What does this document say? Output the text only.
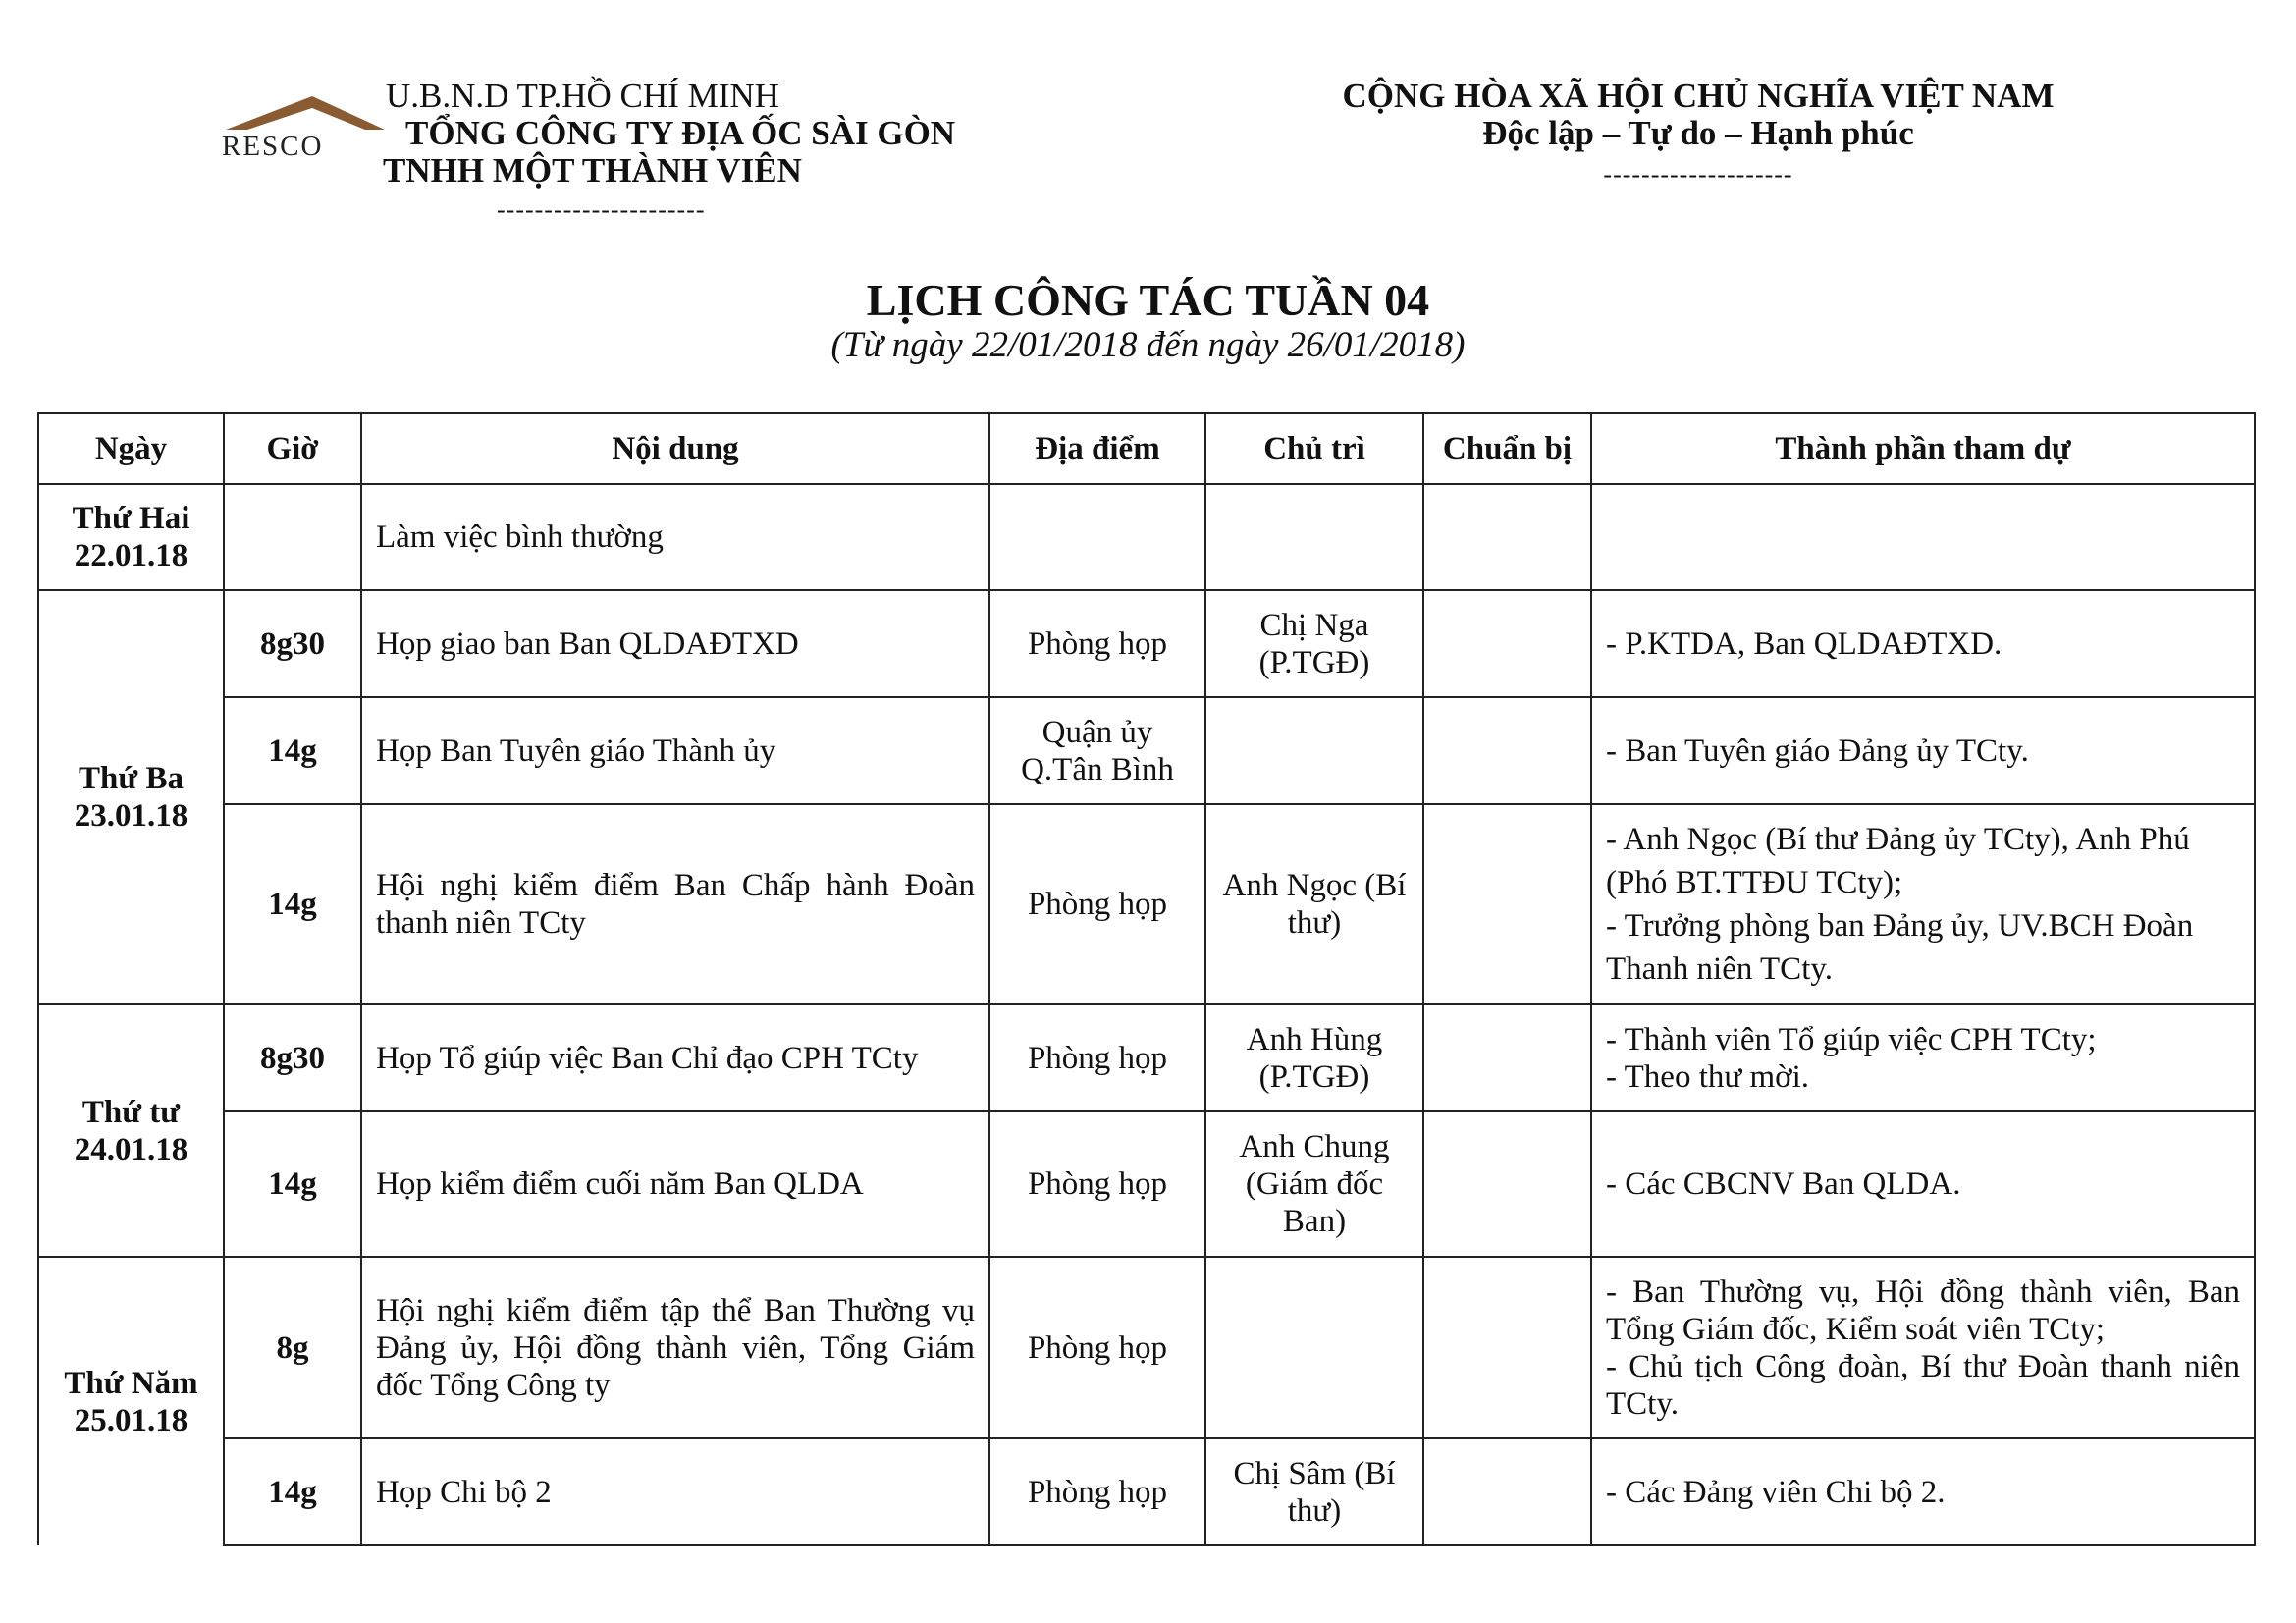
RESCO
U.B.N.D TP.HỒ CHÍ MINH
TỔNG CÔNG TY ĐỊA ỐC SÀI GÒN
TNHH MỘT THÀNH VIÊN
----------------------
CỘNG HÒA XÃ HỘI CHỦ NGHĨA VIỆT NAM
Độc lập – Tự do – Hạnh phúc
--------------------
LỊCH CÔNG TÁC TUẦN 04
(Từ ngày 22/01/2018 đến ngày 26/01/2018)
Ngày	Giờ	Nội dung	Địa điểm	Chủ trì	Chuẩn bị	Thành phần tham dự

Thứ Hai
22.01.18		Làm việc bình thường				

Thứ Ba
23.01.18	8g30	Họp giao ban Ban QLDAĐTXD	Phòng họp	Chị Nga (P.TGĐ)		- P.KTDA, Ban QLDAĐTXD.

	14g	Họp Ban Tuyên giáo Thành ủy	Quận ủy Q.Tân Bình			- Ban Tuyên giáo Đảng ủy TCty.

	14g	Hội nghị kiểm điểm Ban Chấp hành Đoàn thanh niên TCty	Phòng họp	Anh Ngọc (Bí thư)		- Anh Ngọc (Bí thư Đảng ủy TCty), Anh Phú (Phó BT.TTĐU TCty);
- Trưởng phòng ban Đảng ủy, UV.BCH Đoàn Thanh niên TCty.

Thứ tư
24.01.18	8g30	Họp Tổ giúp việc Ban Chỉ đạo CPH TCty	Phòng họp	Anh Hùng (P.TGĐ)		- Thành viên Tổ giúp việc CPH TCty;
- Theo thư mời.

	14g	Họp kiểm điểm cuối năm Ban QLDA	Phòng họp	Anh Chung (Giám đốc Ban)		- Các CBCNV Ban QLDA.

Thứ Năm
25.01.18	8g	Hội nghị kiểm điểm tập thể Ban Thường vụ Đảng ủy, Hội đồng thành viên, Tổng Giám đốc Tổng Công ty	Phòng họp			- Ban Thường vụ, Hội đồng thành viên, Ban Tổng Giám đốc, Kiểm soát viên TCty;
- Chủ tịch Công đoàn, Bí thư Đoàn thanh niên TCty.

	14g	Họp Chi bộ 2	Phòng họp	Chị Sâm (Bí thư)		- Các Đảng viên Chi bộ 2.
